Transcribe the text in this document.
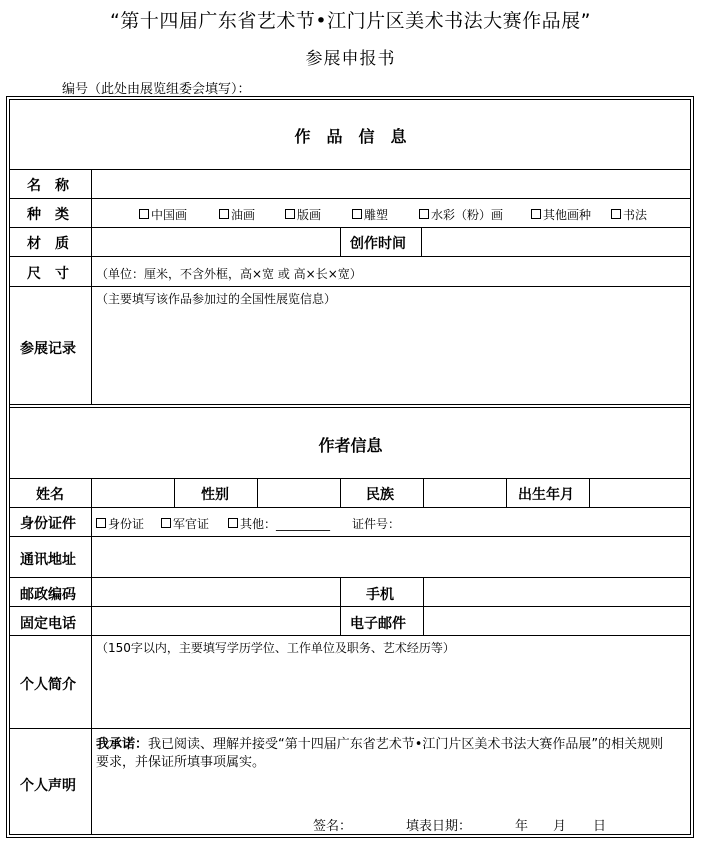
“第十四届广东省艺术节•江门片区美术书法大赛作品展”
参展申报书
编号（此处由展览组委会填写）：
作　品　信　息
名　称
种　类	中国画	油画	版画	雕塑	水彩（粉）画	其他画种	书法
材　质	创作时间
尺　寸 （单位：厘米，不含外框，高×宽 或 高×长×宽）
参展记录
（主要填写该作品参加过的全国性展览信息）
作者信息
姓名	性别	民族	出生年月
身份证件	身份证	军官证	其他：_________ 证件号：
通讯地址
邮政编码	手机
固定电话	电子邮件
个人简介
（150字以内，主要填写学历学位、工作单位及职务、艺术经历等）
个人声明
我承诺：我已阅读、理解并接受“第十四届广东省艺术节•江门片区美术书法大赛作品展”的相关规则
要求，并保证所填事项属实。
签名：	填表日期：	年 月 日
